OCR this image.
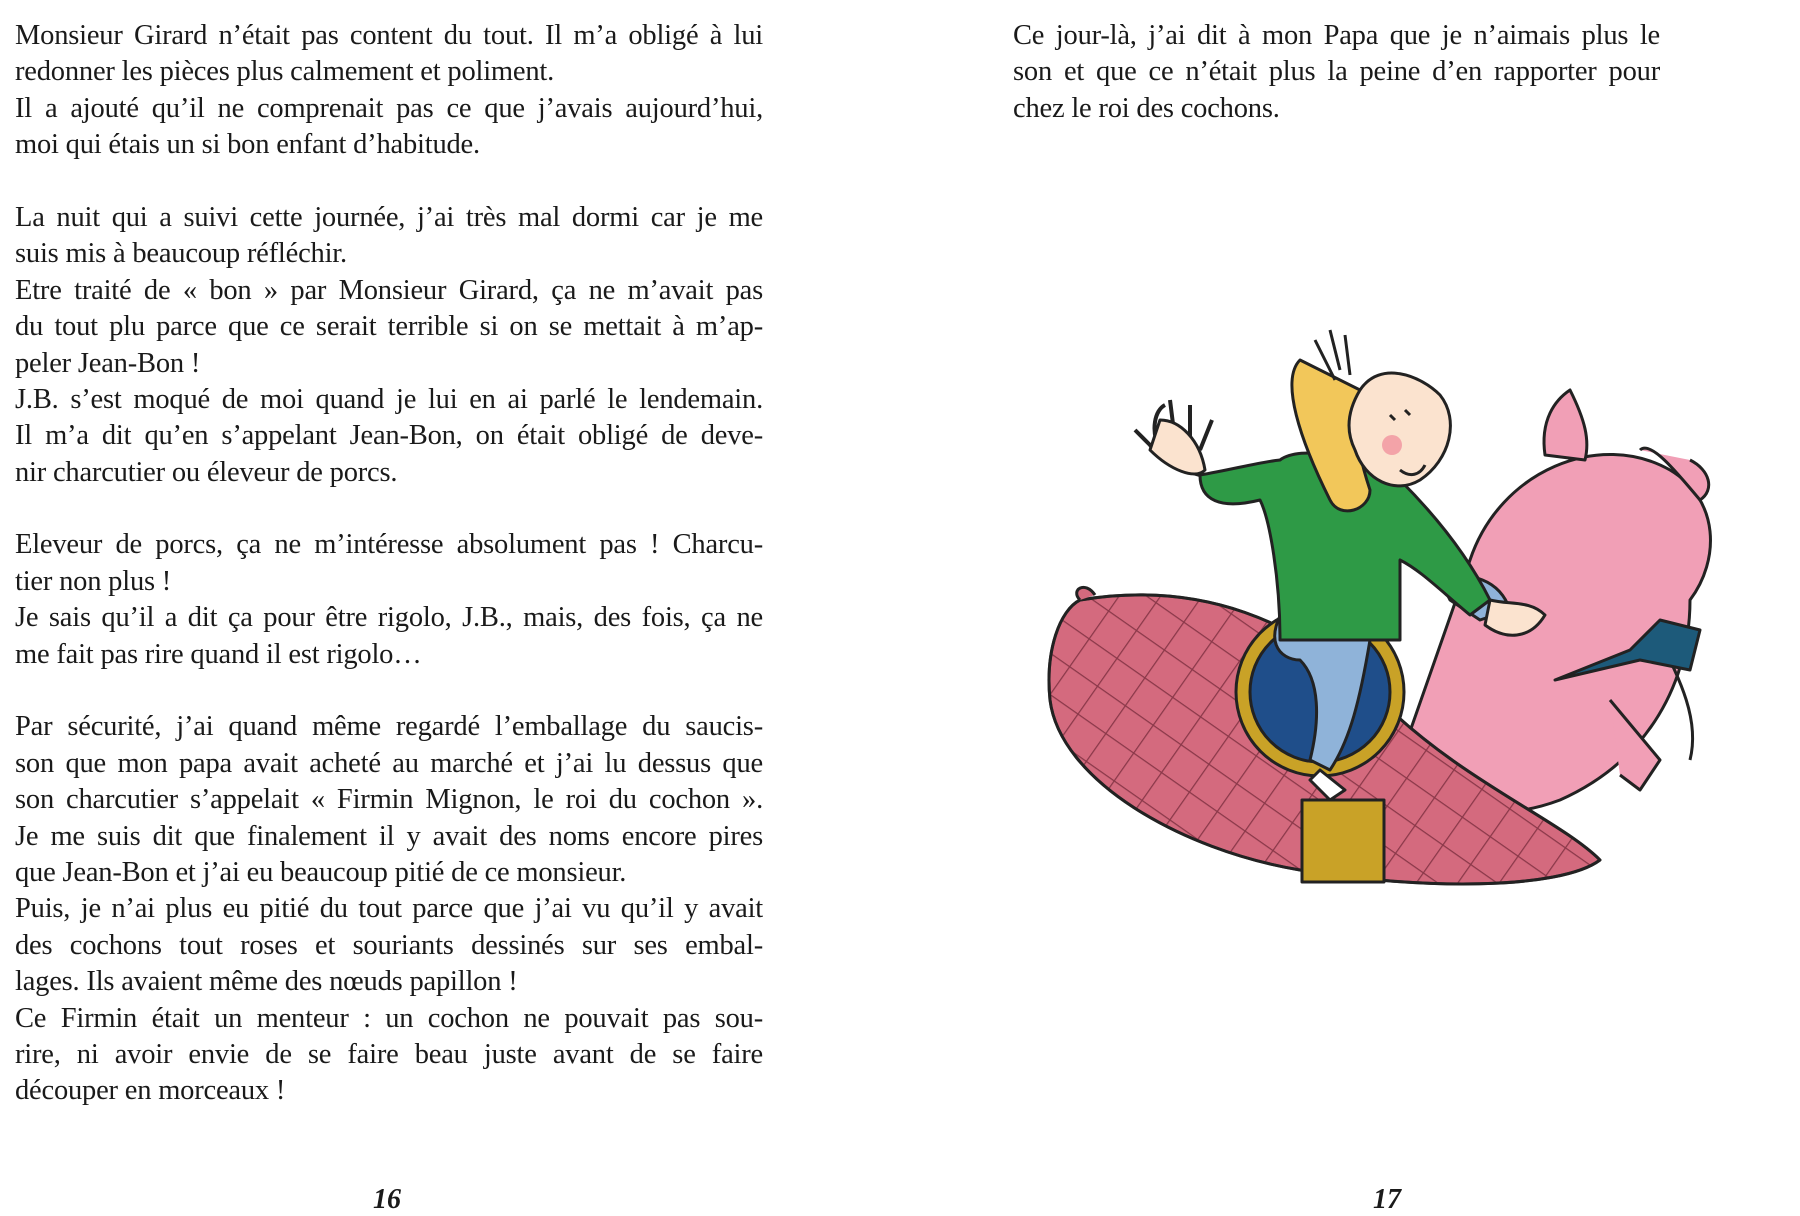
Monsieur Girard n’était pas content du tout. Il m’a obligé à lui
redonner les pièces plus calmement et poliment.
Il a ajouté qu’il ne comprenait pas ce que j’avais aujourd’hui,
moi qui étais un si bon enfant d’habitude.
La nuit qui a suivi cette journée, j’ai très mal dormi car je me
suis mis à beaucoup réfléchir.
Etre traité de « bon » par Monsieur Girard, ça ne m’avait pas
du tout plu parce que ce serait terrible si on se mettait à m’ap-
peler Jean-Bon !
J.B. s’est moqué de moi quand je lui en ai parlé le lendemain.
Il m’a dit qu’en s’appelant Jean-Bon, on était obligé de deve-
nir charcutier ou éleveur de porcs.
Eleveur de porcs, ça ne m’intéresse absolument pas ! Charcu-
tier non plus !
Je sais qu’il a dit ça pour être rigolo, J.B., mais, des fois, ça ne
me fait pas rire quand il est rigolo…
Par sécurité, j’ai quand même regardé l’emballage du saucis-
son que mon papa avait acheté au marché et j’ai lu dessus que
son charcutier s’appelait « Firmin Mignon, le roi du cochon ».
Je me suis dit que finalement il y avait des noms encore pires
que Jean-Bon et j’ai eu beaucoup pitié de ce monsieur.
Puis, je n’ai plus eu pitié du tout parce que j’ai vu qu’il y avait
des cochons tout roses et souriants dessinés sur ses embal-
lages. Ils avaient même des nœuds papillon !
Ce Firmin était un menteur : un cochon ne pouvait pas sou-
rire, ni avoir envie de se faire beau juste avant de se faire
découper en morceaux !
16
Ce jour-là, j’ai dit à mon Papa que je n’aimais plus le
son et que ce n’était plus la peine d’en rapporter pour
chez le roi des cochons.
17
